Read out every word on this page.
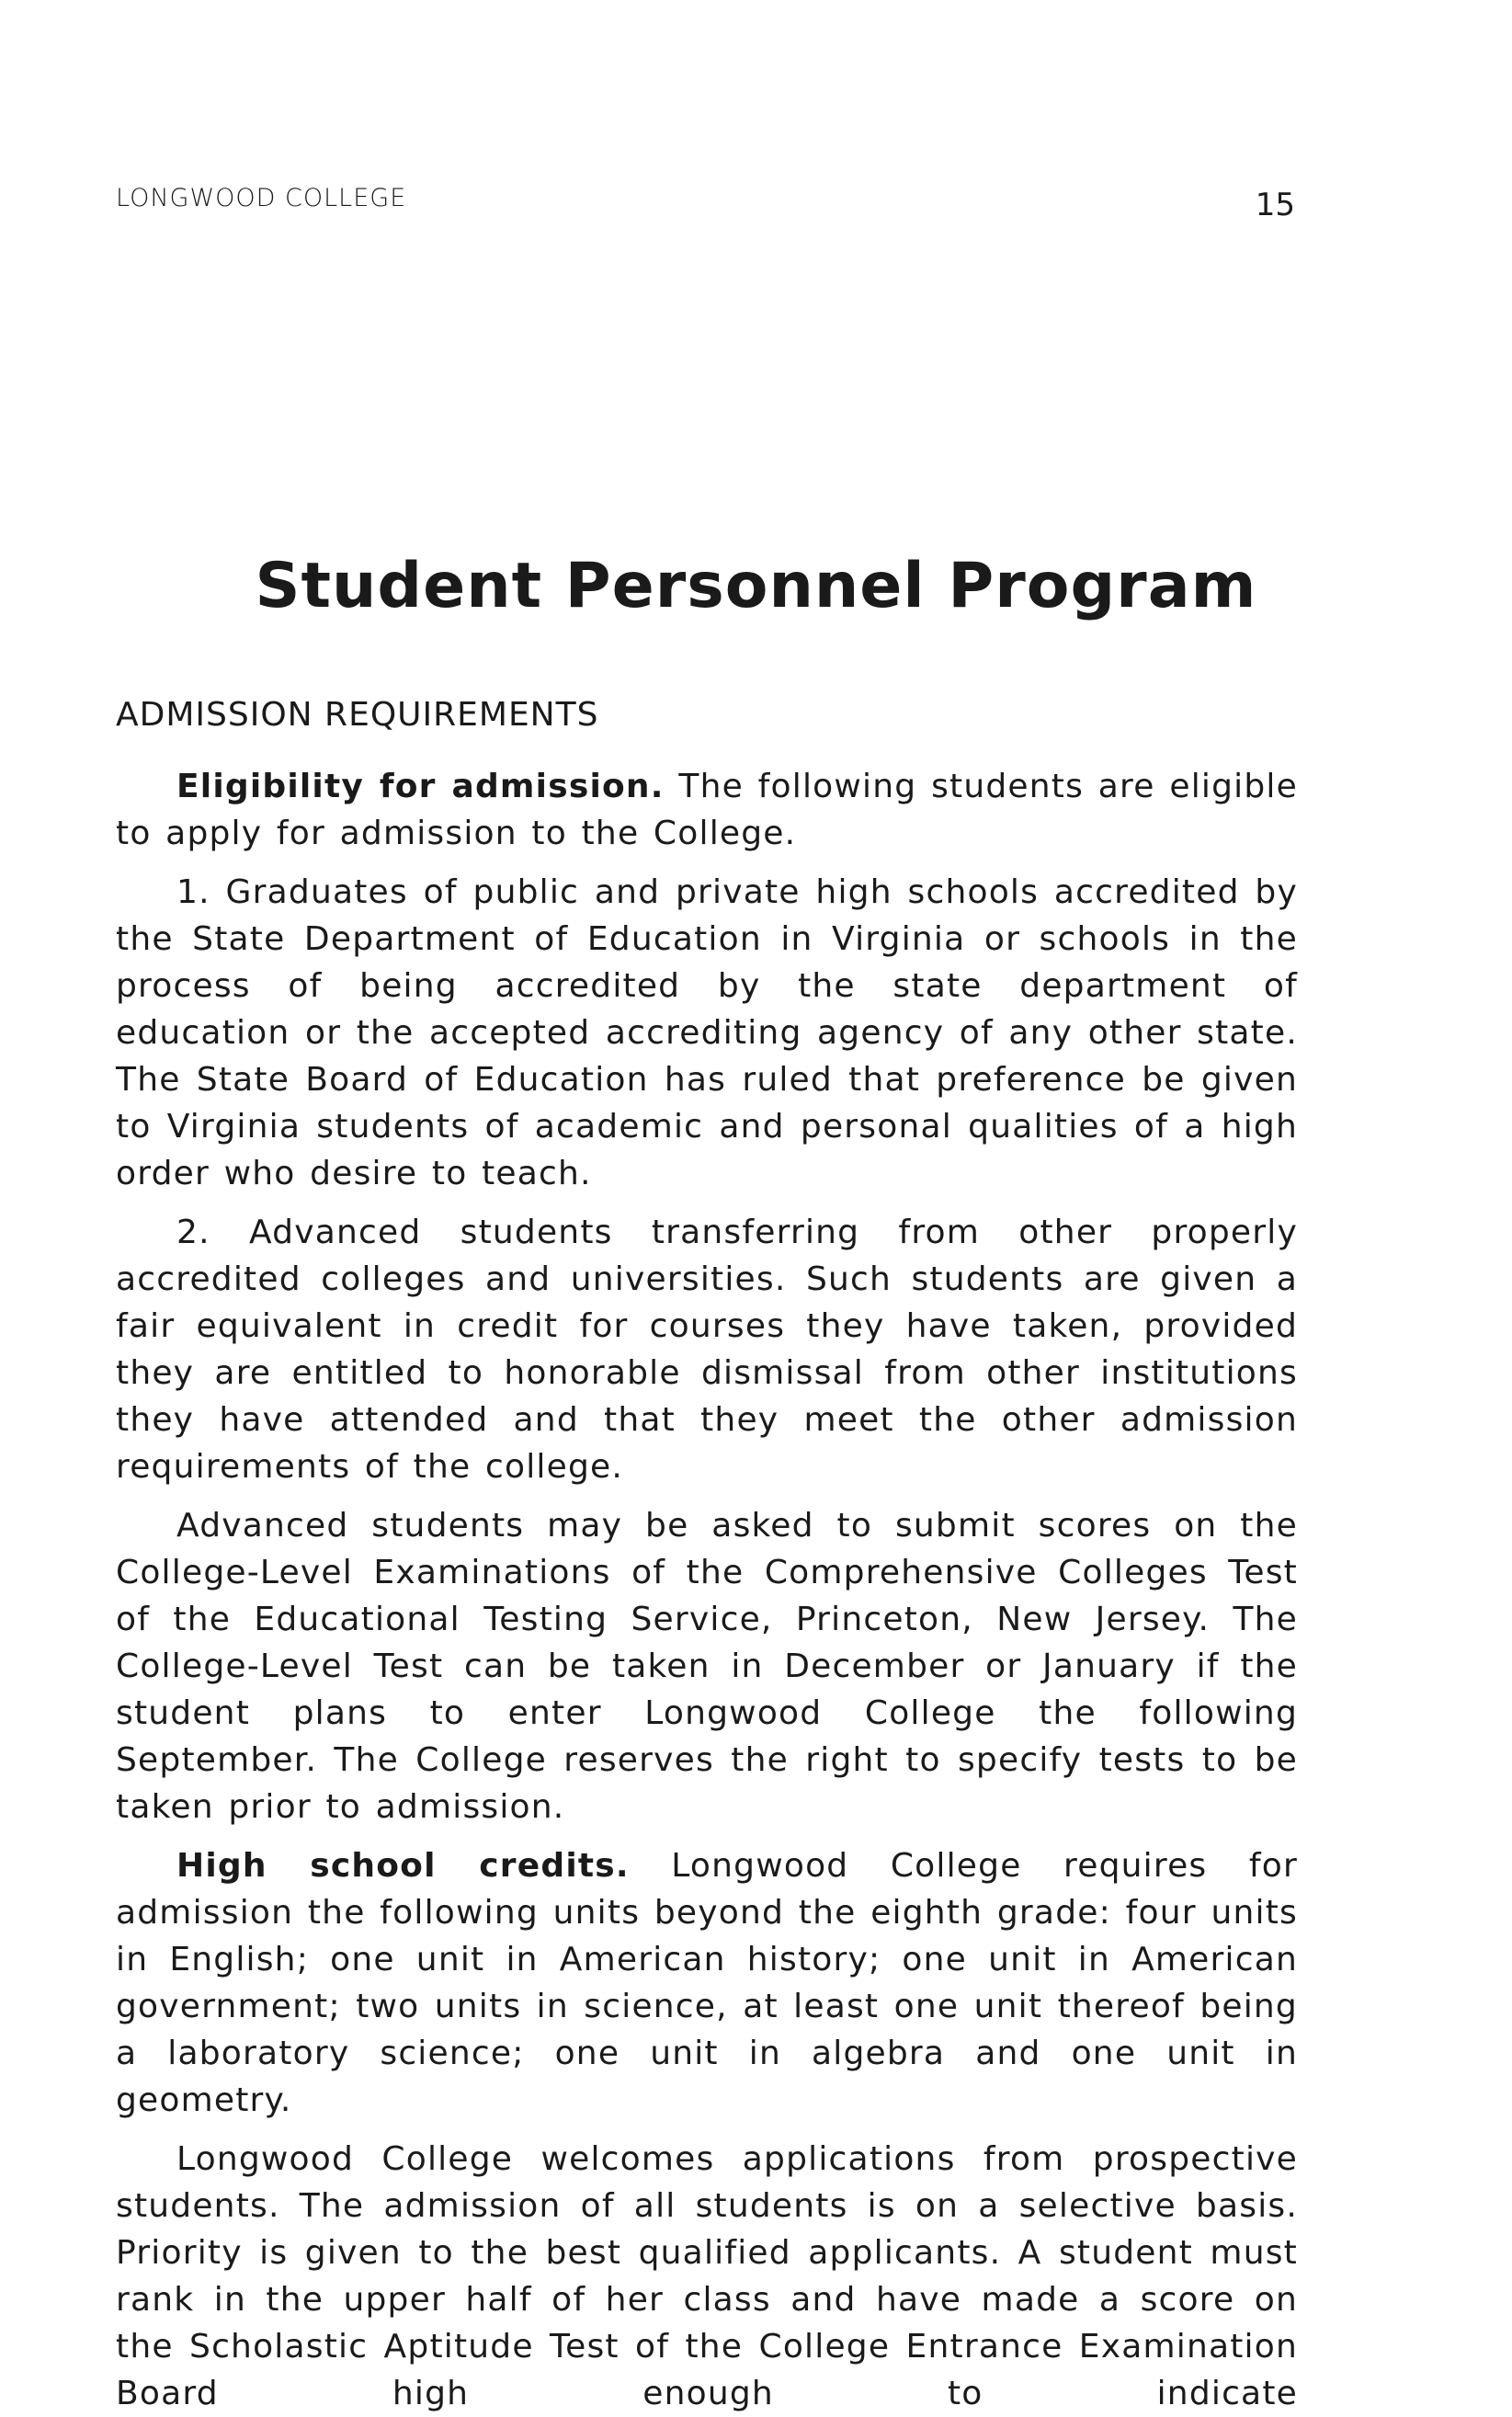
LONGWOOD COLLEGE	15
Student Personnel Program
ADMISSION REQUIREMENTS

Eligibility for admission. The following students are eligible to apply for admission to the College.

1. Graduates of public and private high schools accredited by the State Department of Education in Virginia or schools in the process of being accredited by the state department of education or the accepted accrediting agency of any other state. The State Board of Education has ruled that preference be given to Virginia students of academic and personal qualities of a high order who desire to teach.

2. Advanced students transferring from other properly accredited colleges and universities. Such students are given a fair equivalent in credit for courses they have taken, provided they are entitled to honorable dismissal from other institutions they have attended and that they meet the other admission requirements of the college.

Advanced students may be asked to submit scores on the College-Level Examinations of the Comprehensive Colleges Test of the Educational Testing Service, Princeton, New Jersey. The College-Level Test can be taken in December or January if the student plans to enter Longwood College the following September. The College reserves the right to specify tests to be taken prior to admission.

High school credits. Longwood College requires for admission the following units beyond the eighth grade: four units in English; one unit in American history; one unit in American government; two units in science, at least one unit thereof being a laboratory science; one unit in algebra and one unit in geometry.

Longwood College welcomes applications from prospective students. The admission of all students is on a selective basis. Priority is given to the best qualified applicants. A student must rank in the upper half of her class and have made a score on the Scholastic Aptitude Test of the College Entrance Examination Board high enough to indicate
